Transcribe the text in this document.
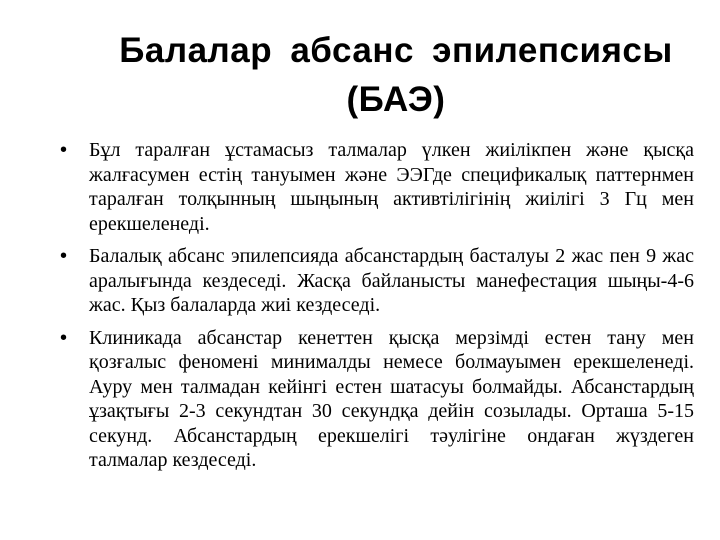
Балалар абсанс эпилепсиясы
(БАЭ)
• Бұл таралған ұстамасыз талмалар үлкен жиілікпен және қысқа жалғасумен естің тануымен және ЭЭГде спецификалық паттернмен таралған толқынның шыңының активтілігінің жиілігі 3 Гц мен ерекшеленеді.
• Балалық абсанс эпилепсияда абсанстардың басталуы 2 жас пен 9 жас аралығында кездеседі. Жасқа байланысты манефестация шыңы-4-6 жас. Қыз балаларда жиі кездеседі.
• Клиникада абсанстар кенеттен қысқа мерзімді естен тану мен қозғалыс феномені минималды немесе болмауымен ерекшеленеді. Ауру мен талмадан кейінгі естен шатасуы болмайды. Абсанстардың ұзақтығы 2-3 секундтан 30 секундқа дейін созылады. Орташа 5-15 секунд. Абсанстардың ерекшелігі тәулігіне ондаған жүздеген талмалар кездеседі.
